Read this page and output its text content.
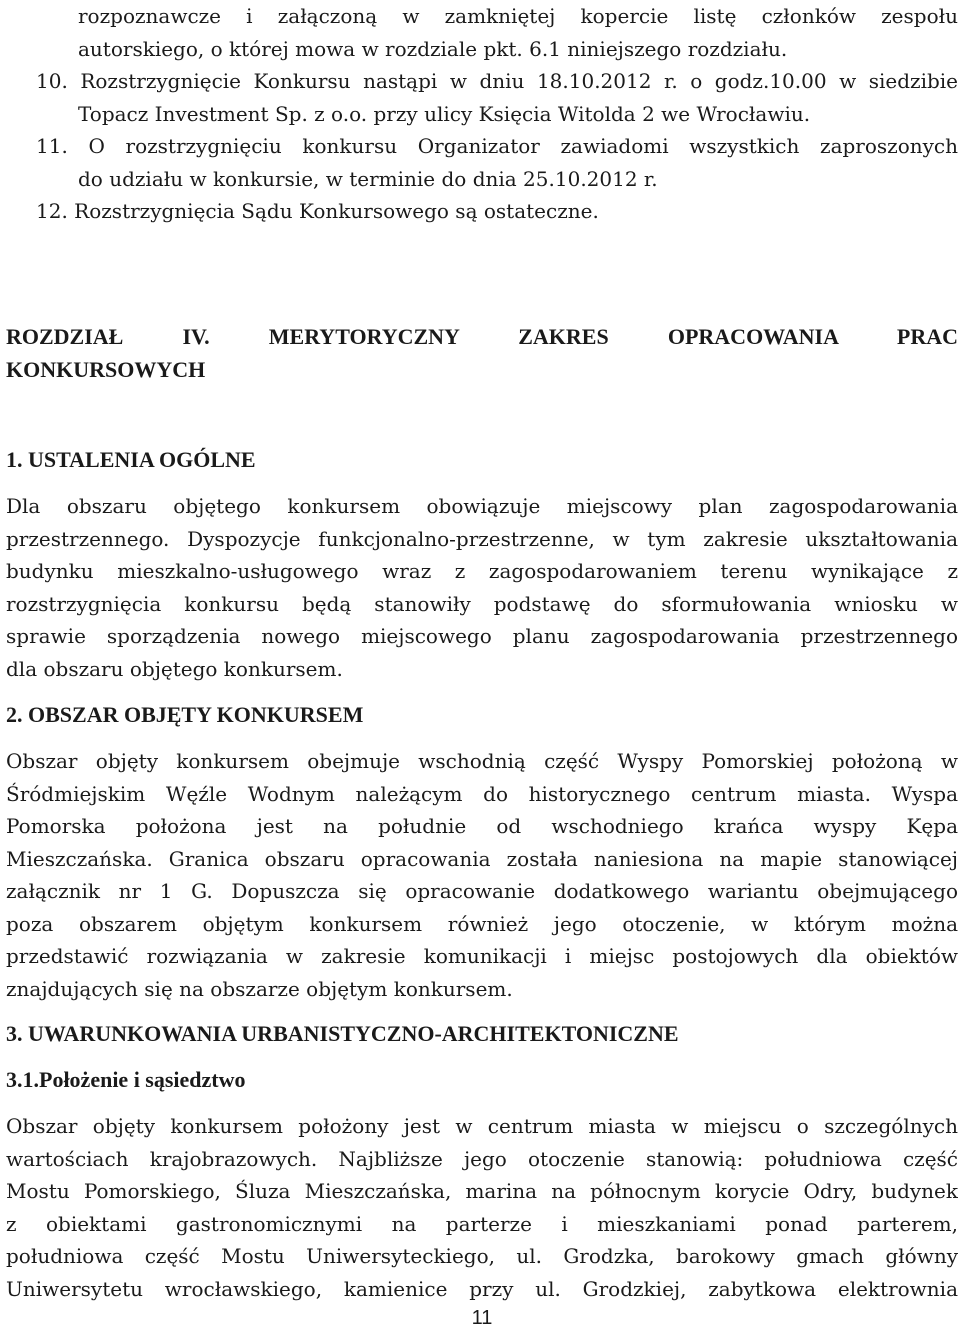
rozpoznawcze i załączoną w zamkniętej kopercie listę członków zespołu
autorskiego, o której mowa w rozdziale pkt. 6.1 niniejszego rozdziału.
10. Rozstrzygnięcie Konkursu nastąpi w dniu 18.10.2012 r. o godz.10.00 w siedzibie
Topacz Investment Sp. z o.o. przy ulicy Księcia Witolda 2 we Wrocławiu.
11. O rozstrzygnięciu konkursu Organizator zawiadomi wszystkich zaproszonych
do udziału w konkursie, w terminie do dnia 25.10.2012 r.
12. Rozstrzygnięcia Sądu Konkursowego są ostateczne.
ROZDZIAŁ IV. MERYTORYCZNY ZAKRES OPRACOWANIA PRAC
KONKURSOWYCH
1. USTALENIA OGÓLNE
Dla obszaru objętego konkursem obowiązuje miejscowy plan zagospodarowania
przestrzennego. Dyspozycje funkcjonalno-przestrzenne, w tym zakresie ukształtowania
budynku mieszkalno-usługowego wraz z zagospodarowaniem terenu wynikające z
rozstrzygnięcia konkursu będą stanowiły podstawę do sformułowania wniosku w
sprawie sporządzenia nowego miejscowego planu zagospodarowania przestrzennego
dla obszaru objętego konkursem.
2. OBSZAR OBJĘTY KONKURSEM
Obszar objęty konkursem obejmuje wschodnią część Wyspy Pomorskiej położoną w
Śródmiejskim Węźle Wodnym należącym do historycznego centrum miasta. Wyspa
Pomorska położona jest na południe od wschodniego krańca wyspy Kępa
Mieszczańska. Granica obszaru opracowania została naniesiona na mapie stanowiącej
załącznik nr 1 G. Dopuszcza się opracowanie dodatkowego wariantu obejmującego
poza obszarem objętym konkursem również jego otoczenie, w którym można
przedstawić rozwiązania w zakresie komunikacji i miejsc postojowych dla obiektów
znajdujących się na obszarze objętym konkursem.
3. UWARUNKOWANIA URBANISTYCZNO-ARCHITEKTONICZNE
3.1.Położenie i sąsiedztwo
Obszar objęty konkursem położony jest w centrum miasta w miejscu o szczególnych
wartościach krajobrazowych. Najbliższe jego otoczenie stanowią: południowa część
Mostu Pomorskiego, Śluza Mieszczańska, marina na północnym korycie Odry, budynek
z obiektami gastronomicznymi na parterze i mieszkaniami ponad parterem,
południowa część Mostu Uniwersyteckiego, ul. Grodzka, barokowy gmach główny
Uniwersytetu wrocławskiego, kamienice przy ul. Grodzkiej, zabytkowa elektrownia
11
